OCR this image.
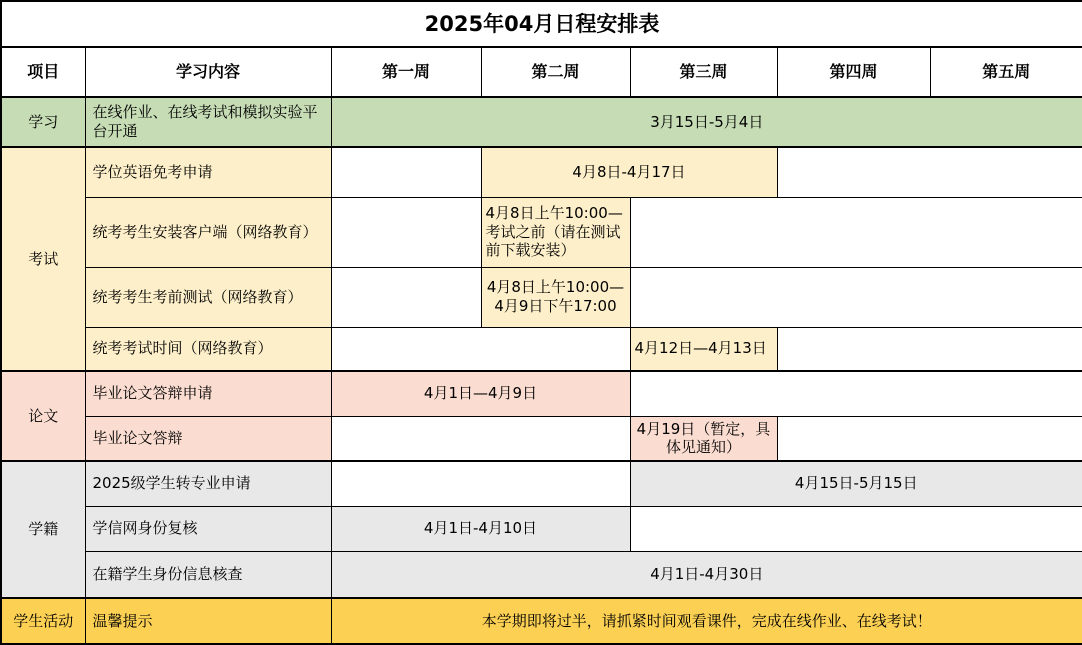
2025年04月日程安排表						
项目	学习内容	第一周	第二周	第三周	第四周	第五周
学习	在线作业、在线考试和模拟实验平台开通	3月15日-5月4日				
考试	学位英语免考申请		4月8日-4月17日			
	统考考生安装客户端（网络教育）		4月8日上午10:00—考试之前（请在测试前下载安装）			
	统考考生考前测试（网络教育）		4月8日上午10:00—4月9日下午17:00			
	统考考试时间（网络教育）			4月12日—4月13日		
论文	毕业论文答辩申请	4月1日—4月9日				
	毕业论文答辩			4月19日（暂定，具体见通知）		
学籍	2025级学生转专业申请			4月15日-5月15日		
	学信网身份复核	4月1日-4月10日				
	在籍学生身份信息核查	4月1日-4月30日				
学生活动	温馨提示	本学期即将过半，请抓紧时间观看课件，完成在线作业、在线考试！				
